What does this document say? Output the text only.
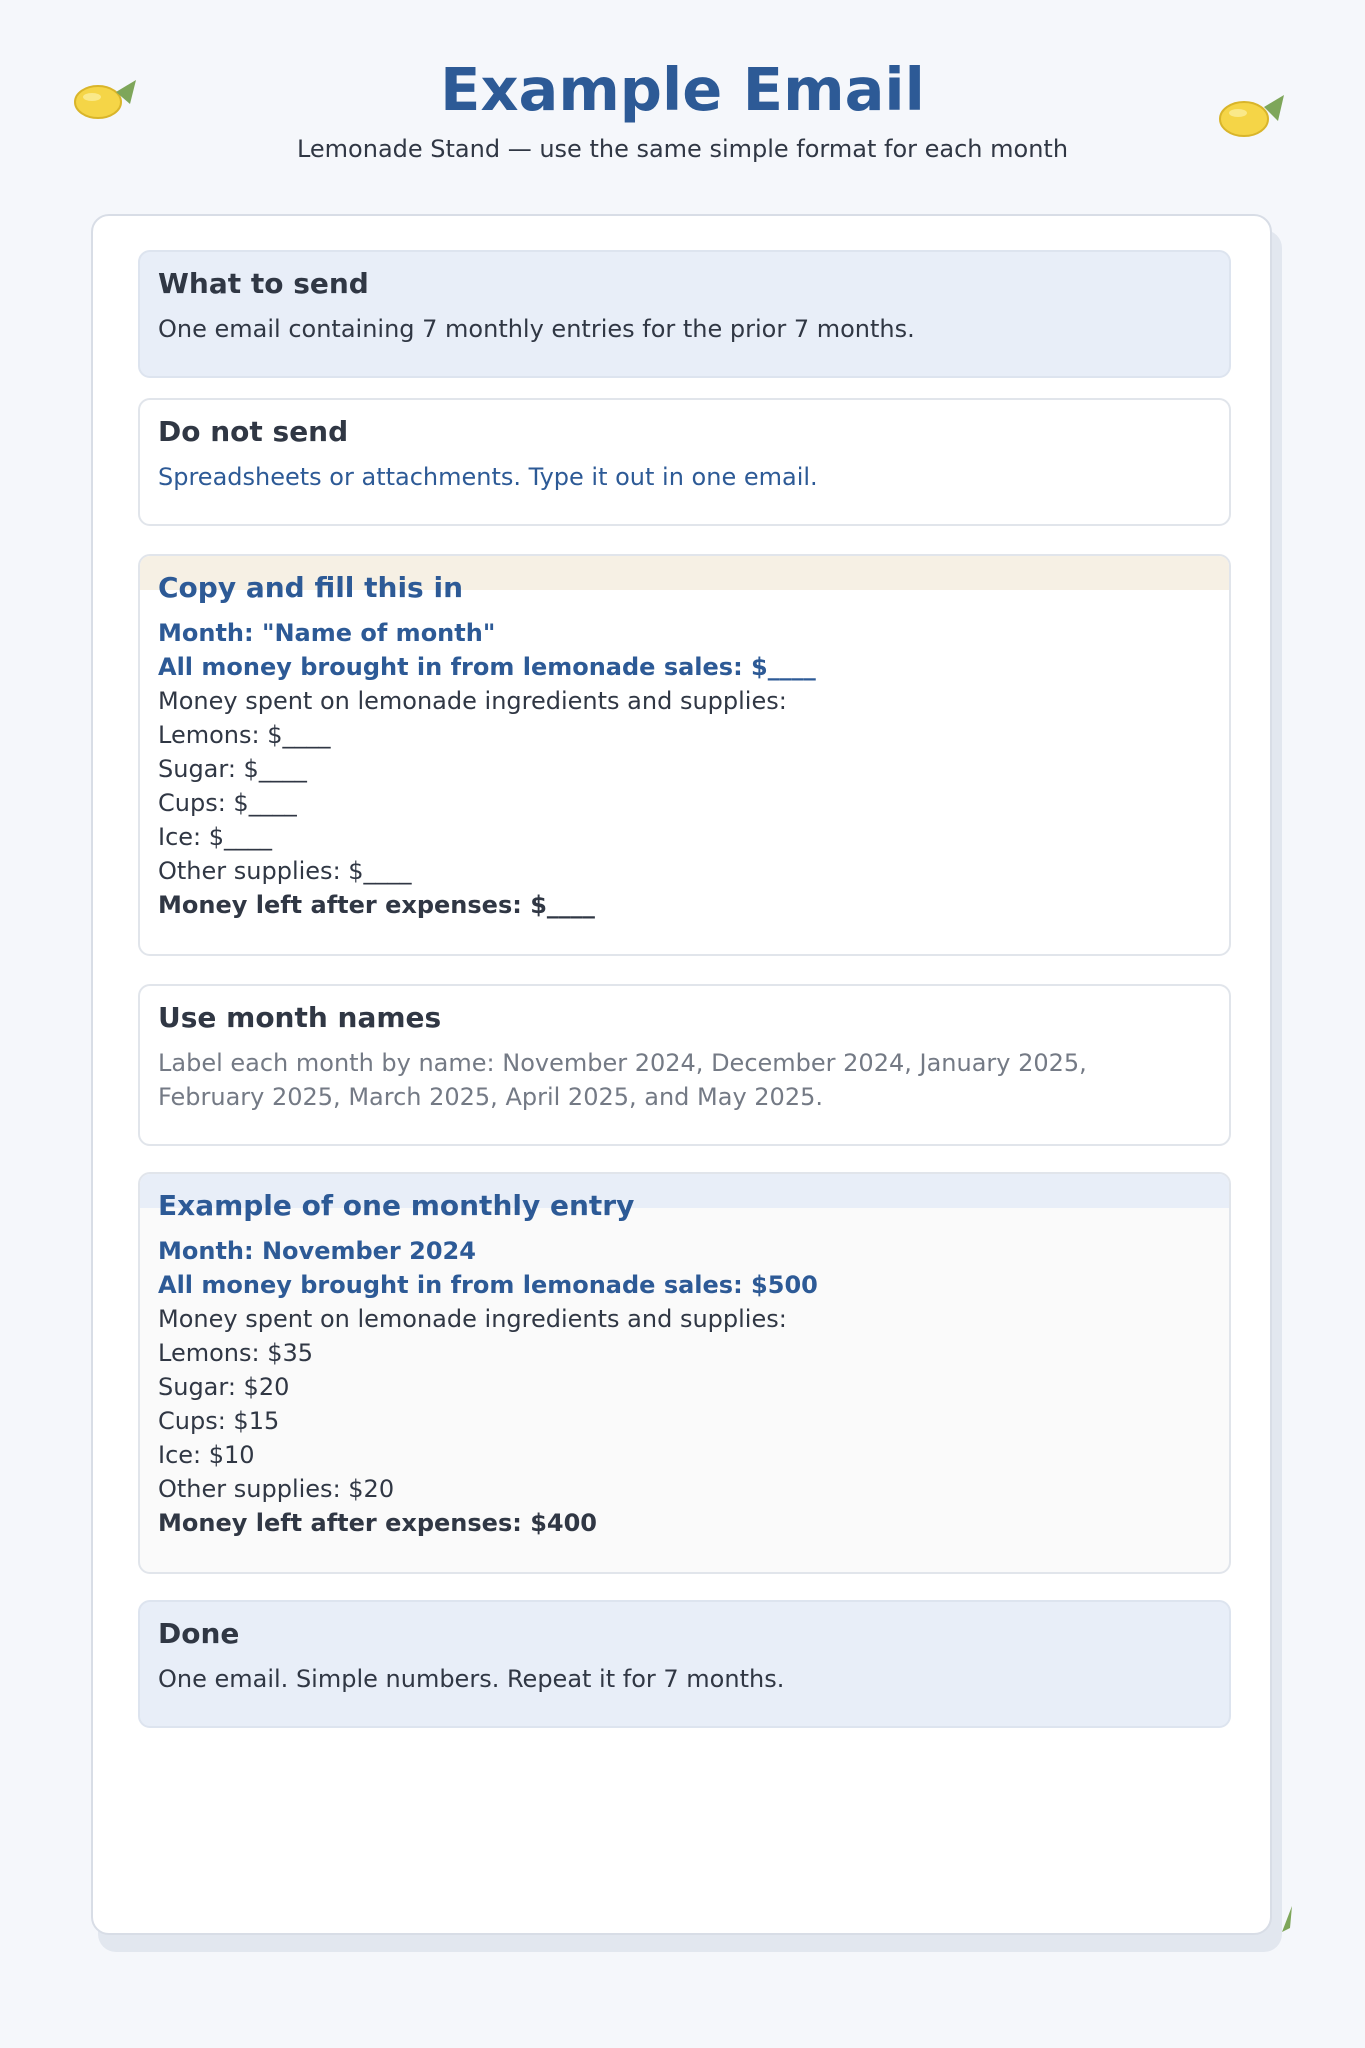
Example Email
Lemonade Stand — use the same simple format for each month
What to send

One email containing 7 monthly entries for the prior 7 months.

Do not send

Spreadsheets or attachments. Type it out in one email.

Copy and fill this in
Month: "Name of month"
All money brought in from lemonade sales: $____
Money spent on lemonade ingredients and supplies:
Lemons: $____
Sugar: $____
Cups: $____
Ice: $____
Other supplies: $____
Money left after expenses: $____
Use month names
Label each month by name: November 2024, December 2024, January 2025,
February 2025, March 2025, April 2025, and May 2025.
Example of one monthly entry
Month: November 2024
All money brought in from lemonade sales: $500
Money spent on lemonade ingredients and supplies:
Lemons: $35
Sugar: $20
Cups: $15
Ice: $10
Other supplies: $20
Money left after expenses: $400
Done

One email. Simple numbers. Repeat it for 7 months.
